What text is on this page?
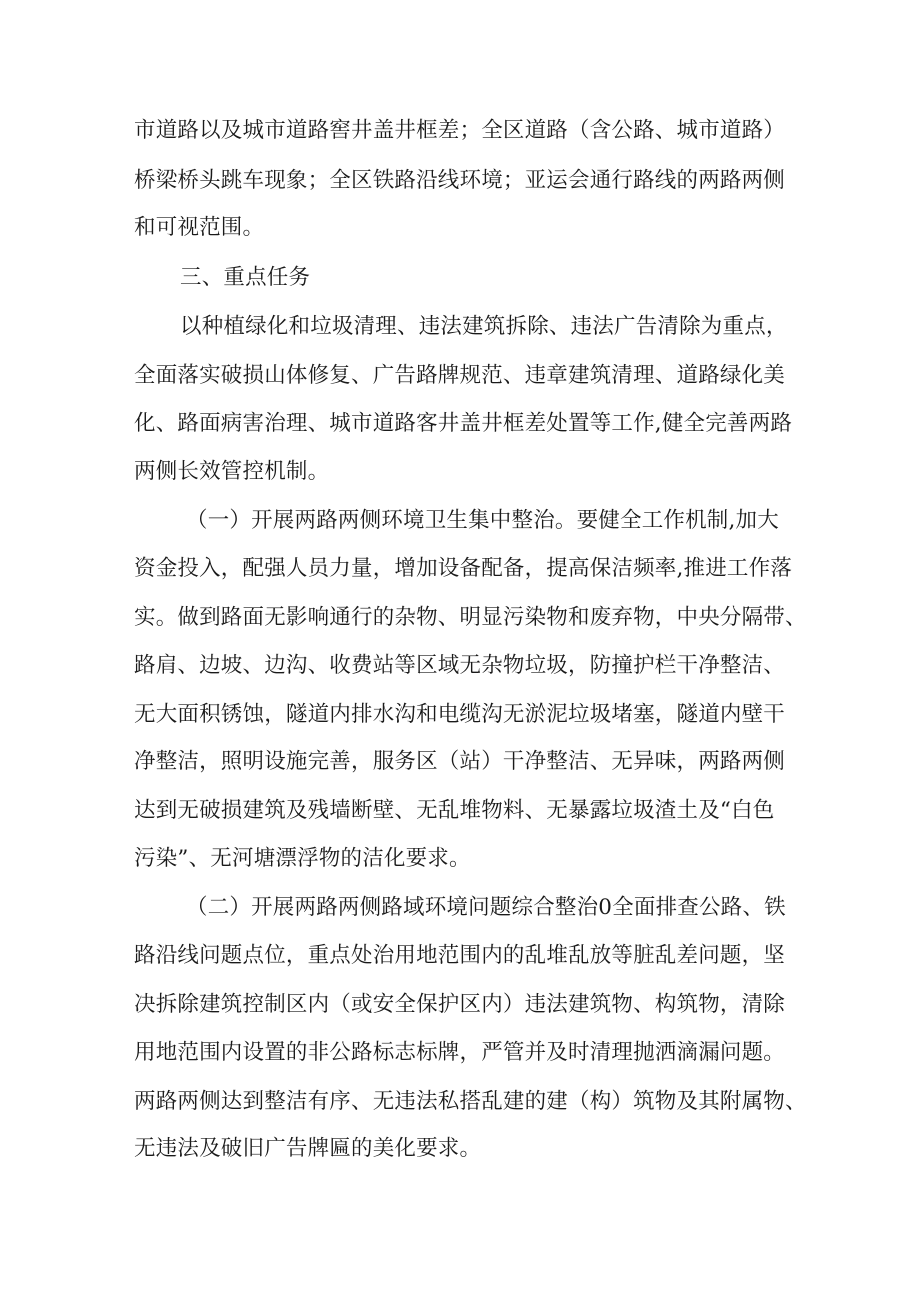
市道路以及城市道路窖井盖井框差；全区道路（含公路、城市道路）
桥梁桥头跳车现象；全区铁路沿线环境；亚运会通行路线的两路两侧
和可视范围。
三、重点任务
以种植绿化和垃圾清理、违法建筑拆除、违法广告清除为重点，
全面落实破损山体修复、广告路牌规范、违章建筑清理、道路绿化美
化、路面病害治理、城市道路客井盖井框差处置等工作,健全完善两路
两侧长效管控机制。
（一）开展两路两侧环境卫生集中整治。要健全工作机制,加大
资金投入，配强人员力量，增加设备配备，提高保洁频率,推进工作落
实。做到路面无影响通行的杂物、明显污染物和废弃物，中央分隔带、
路肩、边坡、边沟、收费站等区域无杂物垃圾，防撞护栏干净整洁、
无大面积锈蚀，隧道内排水沟和电缆沟无淤泥垃圾堵塞，隧道内壁干
净整洁，照明设施完善，服务区（站）干净整洁、无异味，两路两侧
达到无破损建筑及残墙断壁、无乱堆物料、无暴露垃圾渣土及“白色
污染”、无河塘漂浮物的洁化要求。
（二）开展两路两侧路域环境问题综合整治0全面排查公路、铁
路沿线问题点位，重点处治用地范围内的乱堆乱放等脏乱差问题，坚
决拆除建筑控制区内（或安全保护区内）违法建筑物、构筑物，清除
用地范围内设置的非公路标志标牌，严管并及时清理抛洒滴漏问题。
两路两侧达到整洁有序、无违法私搭乱建的建（构）筑物及其附属物、
无违法及破旧广告牌匾的美化要求。
